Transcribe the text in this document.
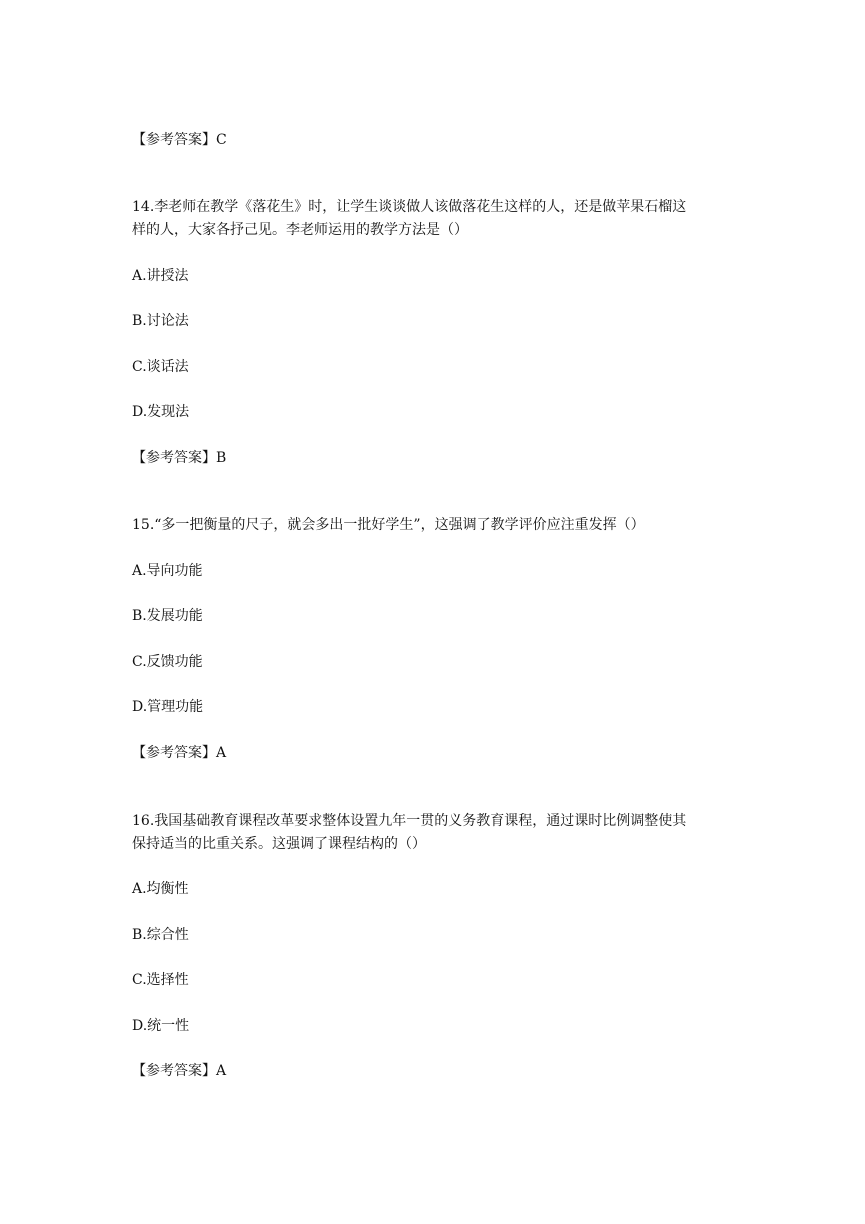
【参考答案】C
14.李老师在教学《落花生》时，让学生谈谈做人该做落花生这样的人，还是做苹果石榴这
样的人，大家各抒己见。李老师运用的教学方法是（）
A.讲授法
B.讨论法
C.谈话法
D.发现法
【参考答案】B
15.“多一把衡量的尺子，就会多出一批好学生”，这强调了教学评价应注重发挥（）
A.导向功能
B.发展功能
C.反馈功能
D.管理功能
【参考答案】A
16.我国基础教育课程改革要求整体设置九年一贯的义务教育课程，通过课时比例调整使其
保持适当的比重关系。这强调了课程结构的（）
A.均衡性
B.综合性
C.选择性
D.统一性
【参考答案】A
